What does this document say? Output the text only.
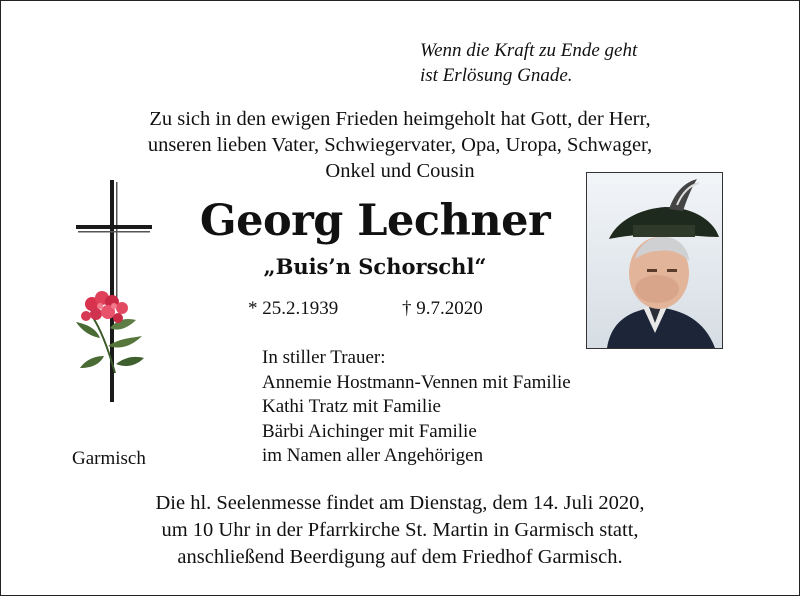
Wenn die Kraft zu Ende geht
ist Erlösung Gnade.
Zu sich in den ewigen Frieden heimgeholt hat Gott, der Herr,
unseren lieben Vater, Schwiegervater, Opa, Uropa, Schwager,
Onkel und Cousin
Georg Lechner
„Buis’n Schorschl“
* 25.2.1939	† 9.7.2020
In stiller Trauer:
Annemie Hostmann-Vennen mit Familie
Kathi Tratz mit Familie
Bärbi Aichinger mit Familie
im Namen aller Angehörigen
Garmisch
Die hl. Seelenmesse findet am Dienstag, dem 14. Juli 2020,
um 10 Uhr in der Pfarrkirche St. Martin in Garmisch statt,
anschließend Beerdigung auf dem Friedhof Garmisch.
